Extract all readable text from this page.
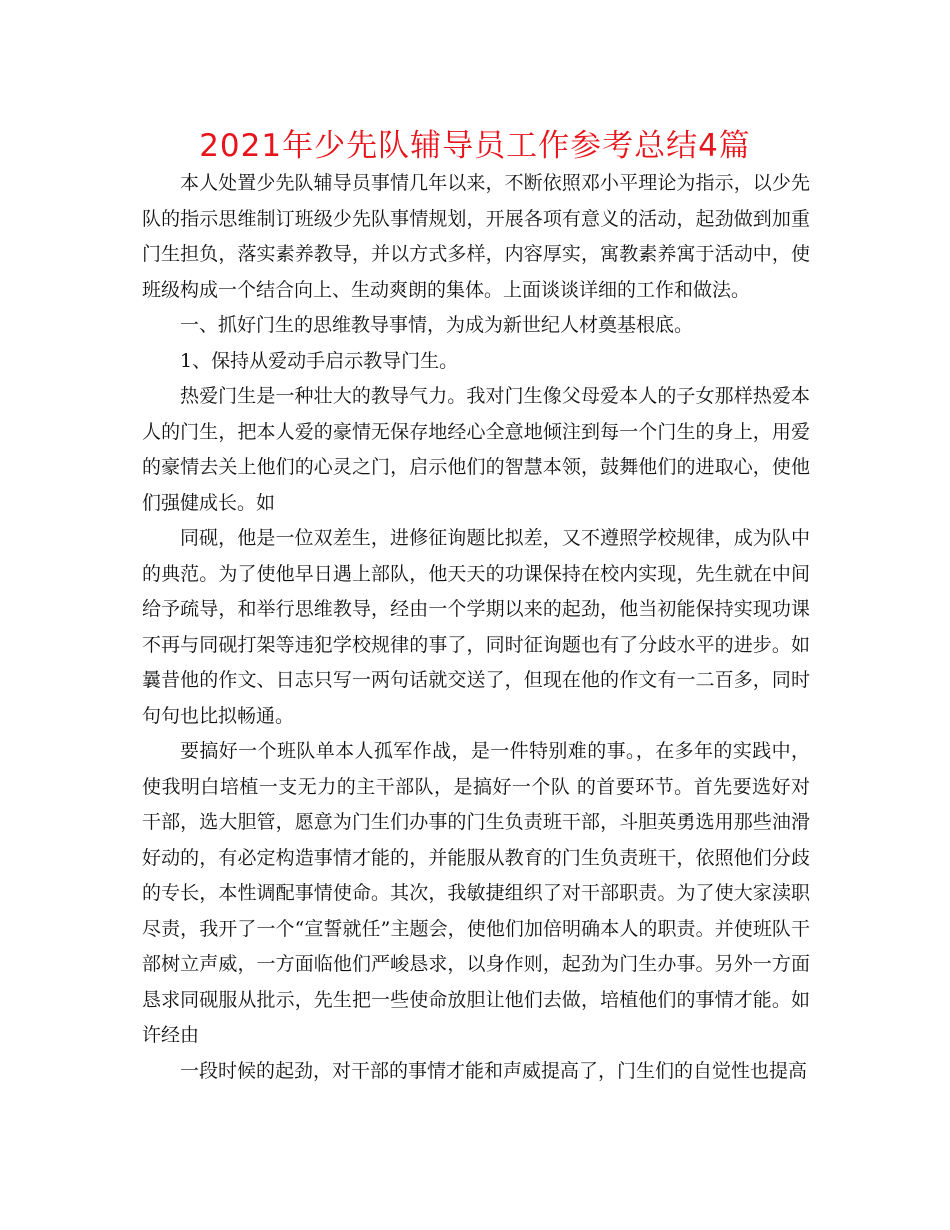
2021年少先队辅导员工作参考总结4篇

本人处置少先队辅导员事情几年以来，不断依照邓小平理论为指示，以少先队的指示思维制订班级少先队事情规划，开展各项有意义的活动，起劲做到加重门生担负，落实素养教导，并以方式多样，内容厚实，寓教素养寓于活动中，使班级构成一个结合向上、生动爽朗的集体。上面谈谈详细的工作和做法。

一、抓好门生的思维教导事情，为成为新世纪人材奠基根底。

1、保持从爱动手启示教导门生。

热爱门生是一种壮大的教导气力。我对门生像父母爱本人的子女那样热爱本人的门生，把本人爱的豪情无保存地经心全意地倾注到每一个门生的身上，用爱的豪情去关上他们的心灵之门，启示他们的智慧本领，鼓舞他们的进取心，使他们强健成长。如

同砚，他是一位双差生，进修征询题比拟差，又不遵照学校规律，成为队中的典范。为了使他早日遇上部队，他天天的功课保持在校内实现，先生就在中间给予疏导，和举行思维教导，经由一个学期以来的起劲，他当初能保持实现功课不再与同砚打架等违犯学校规律的事了，同时征询题也有了分歧水平的进步。如曩昔他的作文、日志只写一两句话就交送了，但现在他的作文有一二百多，同时句句也比拟畅通。

要搞好一个班队单本人孤军作战，是一件特别难的事。，在多年的实践中，使我明白培植一支无力的主干部队，是搞好一个队 的首要环节。首先要选好对干部，选大胆管，愿意为门生们办事的门生负责班干部，斗胆英勇选用那些油滑好动的，有必定构造事情才能的，并能服从教育的门生负责班干，依照他们分歧的专长，本性调配事情使命。其次，我敏捷组织了对干部职责。为了使大家渎职尽责，我开了一个“宣誓就任”主题会，使他们加倍明确本人的职责。并使班队干部树立声威，一方面临他们严峻恳求，以身作则，起劲为门生办事。另外一方面恳求同砚服从批示，先生把一些使命放胆让他们去做，培植他们的事情才能。如许经由

一段时候的起劲，对干部的事情才能和声威提高了，门生们的自觉性也提高
